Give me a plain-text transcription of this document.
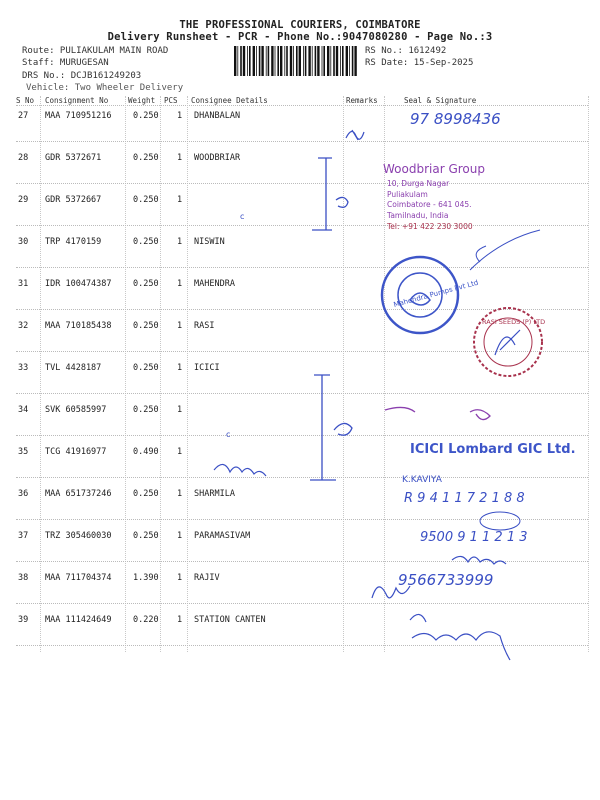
THE PROFESSIONAL COURIERS, COIMBATORE
Delivery Runsheet - PCR - Phone No.:9047080280 - Page No.:3
Route: PULIAKULAM MAIN ROAD
Staff: MURUGESAN
DRS No.: DCJB161249203
Vehicle: Two Wheeler Delivery
RS No.: 1612492
RS Date: 15-Sep-2025
S No Consignment No	Weight PCS Consignee Details	Remarks	Seal & Signature
27 MAA 710951216	0.250 1 DHANBALAN
28 GDR 5372671	0.250 1 WOODBRIAR
29 GDR 5372667	0.250 1
30 TRP 4170159	0.250 1 NISWIN
31 IDR 100474387	0.250 1 MAHENDRA
32 MAA 710185438	0.250 1 RASI
33 TVL 4428187	0.250 1 ICICI
34 SVK 60585997	0.250 1
35 TCG 41916977	0.490 1
36 MAA 651737246	0.250 1 SHARMILA
37 TRZ 305460030	0.250 1 PARAMASIVAM
38 MAA 711704374	1.390 1 RAJIV
39 MAA 111424649	0.220 1 STATION CANTEN
97 8998436
c
Woodbriar Group
10, Durga Nagar
Puliakulam
Coimbatore - 641 045.
Tamilnadu, India
Tel: +91 422 230 3000
Mahendra Pumps Pvt Ltd
RASI SEEDS (P) LTD
c
ICICI Lombard GIC Ltd.
K.KAVIYA
R 9 4 1 1 7 2 1 8 8
9500 9 1 1 2 1 3
9566733999
